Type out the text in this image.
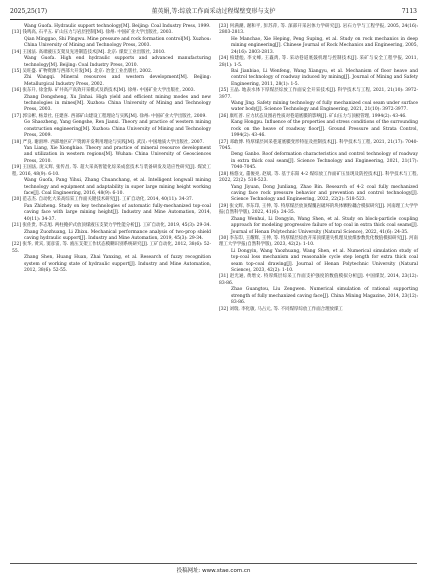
2025,25(17)	董英娟,等:综放工作面采动过程煤壁变形与支护	7113

Wang Guofa. Hydraulic support technology[M]. Beijing: Coal Industry Press, 1999.

[13] 钱鸣高, 石平五. 矿山压力与岩层控制[M]. 徐州: 中国矿业大学出版社, 2003.

Qian Minggao, Shi Pingwu. Mine pressure and rock formation control[M]. Xuzhou: China University of Mining and Technology Press, 2003.

[14] 王国法. 高端液压支架及先进制造技术[M]. 北京: 煤炭工业出版社, 2010.

Wang Guofa. High end hydraulic supports and advanced manufacturing technology[M]. Beijing: Coal Industry Press, 2010.

[15] 吴旺盛. 矿物资源与西部大开发[M]. 北京: 冶金工业出版社, 2002.

Zhi Wangqi. Mineral resources and western development[M]. Beijing: Metallurgical Industry Press, 2002.

[16] 张东升, 徐金海. 矿井高产高效开采模式及新技术[M]. 徐州: 中国矿业大学出版社, 2003.

Zhang Dongsheng, Xu Jinhai. High yield and efficient mining modes and new technologies in mines[M]. Xuzhou: China University of Mining and Technology Press, 2003.

[17] 郭宗彬, 杨景社, 任建喜. 西部矿山建设工程理论与实践[M]. 徐州: 中国矿业大学出版社, 2009.

Go Shaozheng, Yang Gengshe, Ren Jianxi. Theory and practice of western mining construction engineering[M]. Xuzhou: China University of Mining and Technology Press, 2009.

[18] 严良, 谢滑坤. 西部地区矿产资源开发利用理论与实践[M]. 武汉: 中国地质大学出版社, 2007.

Yan Liang, Xie Xionghiao. Theory and practice of mineral resource development and utilization in western regions[M]. Wuhan: China University of Geosciences Press, 2010.

[19] 王国法, 庞义辉, 张传昌, 等. 超大采高智能化综采成套技术与装备研发及适应性研究[J]. 煤炭工程, 2016, 48(9): 6-10.

Wang Guofa, Pang Yihui, Zhang Chuanchang, et al. Intelligent longwall mining technology and equipment and adaptability in super large mining height working face[J]. Coal Engineering, 2016, 48(9): 6-10.

[20] 范志杰. 自动化大采高综采工作面关键技术研究[J]. 工矿自动化, 2014, 40(11): 34-37.

Fan Zhizheng. Study on key technologies of automatic fully-mechanized top-coal caving face with large mining height[J]. Industry and Mine Automation, 2014, 40(11): 34-37.

[21] 张佐贵, 李志旭. 两柱掩护式放顶煤液压支架力学性能分析[J]. 工矿自动化, 2019, 45(3): 29-34.

Zhang Zuozhuang, Li Zhixu. Mechanical performance analysis of two-prop shield caving hydraulic support[J]. Industry and Mine Automation, 2019, 45(3): 29-34.

[22] 张华, 黄宾, 窦彦雷, 等. 液压支架工作状态模糊识别系统研究[J]. 工矿自动化, 2012, 38(6): 52-55.

Zhang Shen, Huang Huan, Zhai Yanxing, et al. Research of fuzzy recognition system of working state of hydraulic support[J]. Industry and Mine Automation, 2012, 38(6): 52-55.

[23] 何满潮, 谢和平, 彭苏萍, 等. 深部开采岩体力学研究[J]. 岩石力学与工程学报, 2005, 24(16): 2803-2813.

He Manchao, Xie Heping, Peng Suping, et al. Study on rock mechanics in deep mining engineering[J]. Chinese Journal of Rock Mechanics and Engineering, 2005, 24(16): 2803-2813.

[24] 柏建彪, 李文峰, 王襄禹, 等. 采动巷道底鼓机理与控制技术[J]. 采矿与安全工程学报, 2011, 28(1): 1-5.

Bai Jianbiao, Li Wenfeng, Wang Xiangyu, et al. Mechanism of floor heave and control technology of roadway induced by mining[J]. Journal of Mining and Safety Engineering, 2011, 28(1): 1-5.

[25] 王晶. 地表水体下厚煤层综放工作面安全开采技术[J]. 科学技术与工程, 2021, 21(10): 3972-3977.

Wang Jing. Safety mining technology of fully mechanized coal seam under surface water body[J]. Science Technology and Engineering, 2021, 21(10): 3972-3977.

[26] 康红普. 应力状态及围岩性质对巷道底臌的影响[J]. 矿山压力与顶板管理, 1994(2): 43-46.

Kang Hongpu. Influence of the properties and stress conditions of the surrounding rock on the heave of roadway floor[J]. Ground Pressure and Strata Control, 1994(2): 43-46.

[27] 邓敢博. 特厚煤层回采巷道底臌变形特征及控制技术[J]. 科学技术与工程, 2021, 21(17): 7040-7045.

Deng Ganbo. Roof deformation characteristics and control technology of roadway in extra thick coal seam[J]. Science Technology and Engineering, 2021, 21(17): 7040-7045.

[28] 杨悠文, 董俊亮, 赵斌, 等. 基于东阳 4-2 煤综放工作面矿压显现及防控技术[J]. 科学技术与工程, 2022, 22(2): 518-523.

Yang Jiyuan, Dong Junliang, Zhao Bin. Research of 4-2 coal fully mechanized caving face rock pressure behavior and prevention and control technology[J]. Science Technology and Engineering, 2022, 22(2): 518-523.

[29] 张文辉, 李东印, 王伸, 等. 特厚煤层放顶煤覆岩破坏的块体颗粒耦合模拟研究[J]. 河南理工大学学报(自然科学版), 2022, 41(6): 24-35.

Zhang Wenhui, Li Dongyin, Wang Shen, et al. Study on block-particle coupling approach for modeling progressive failure of top coal in extra thick coal seams[J]. Journal of Henan Polytechnic University (Natural Science), 2022, 41(6): 24-35.

[30] 李东印, 王耀辉, 王伸, 等. 特厚煤层综放开采顶煤遗失机理及放煤参数优化数值模拟研究[J]. 河南理工大学学报(自然科学版), 2023, 42(2): 1-10.

Li Dongyin, Wang Yaozhuang, Wang Shen, et al. Numerical simulation study of top-coal loss mechanism and reasonable cycle step length for extra thick coal seam top-coal drawing[J]. Journal of Henan Polytechnic University (Natural Science), 2023, 42(2): 1-10.

[31] 赵光通, 黄增文. 特厚煤层综采工作面支护强度的数值模拟分析[J]. 中国煤炭, 2014, 23(12): 83-86.

Zhao Guangtou, Liu Zengwen. Numerical simulation of rational supporting strength of fully mechanized caving face[J]. China Mining Magazine, 2014, 23(12): 83-86.

[32] 刘瑞, 李化敏, 马占元, 等. 不同煤厚综放工作面合理放煤工

投稿网址: www.stae.com.cn
